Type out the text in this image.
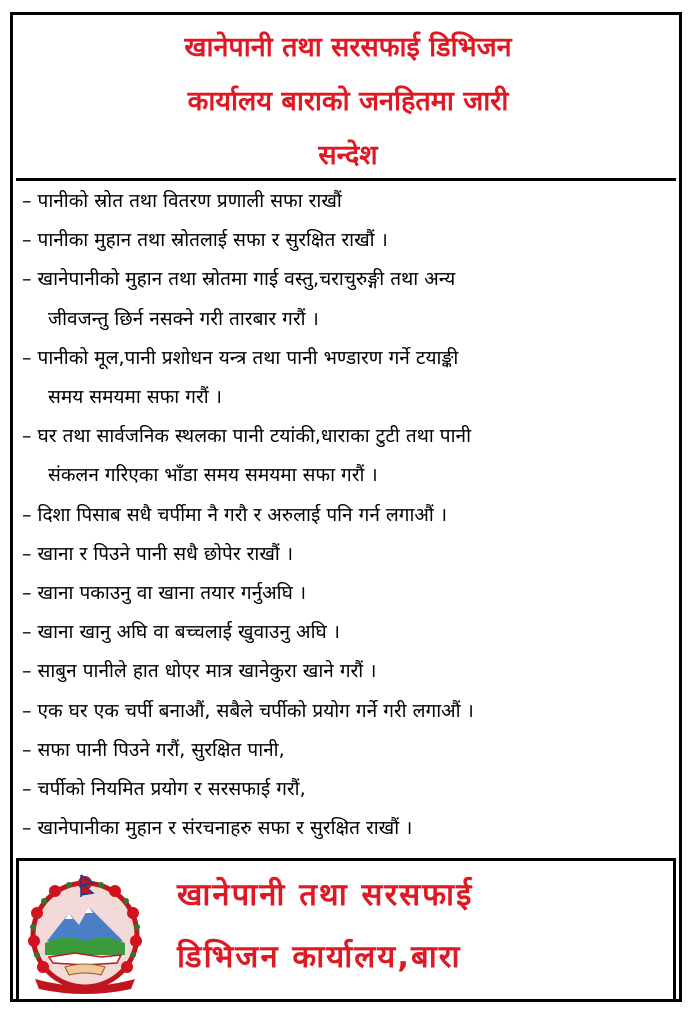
खानेपानी तथा सरसफाई डिभिजन
कार्यालय बाराको जनहितमा जारी
सन्देश
– पानीको स्रोत तथा वितरण प्रणाली सफा राखौं
– पानीका मुहान तथा स्रोतलाई सफा र सुरक्षित राखौं ।
– खानेपानीको मुहान तथा स्रोतमा गाई वस्तु,चराचुरुङ्गी तथा अन्य
जीवजन्तु छिर्न नसक्ने गरी तारबार गरौं ।
– पानीको मूल,पानी प्रशोधन यन्त्र तथा पानी भण्डारण गर्ने टयाङ्की
समय समयमा सफा गरौं ।
– घर तथा सार्वजनिक स्थलका पानी टयांकी,धाराका टुटी तथा पानी
संकलन गरिएका भाँडा समय समयमा सफा गरौं ।
– दिशा पिसाब सधै चर्पीमा नै गरौ र अरुलाई पनि गर्न लगाऔं ।
– खाना र पिउने पानी सधै छोपेर राखौं ।
– खाना पकाउनु वा खाना तयार गर्नुअघि ।
– खाना खानु अघि वा बच्चलाई खुवाउनु अघि ।
– साबुन पानीले हात धोएर मात्र खानेकुरा खाने गरौं ।
– एक घर एक चर्पी बनाऔं, सबैले चर्पीको प्रयोग गर्ने गरी लगाऔं ।
– सफा पानी पिउने गरौं, सुरक्षित पानी,
– चर्पीको नियमित प्रयोग र सरसफाई गरौं,
– खानेपानीका मुहान र संरचनाहरु सफा र सुरक्षित राखौं ।
खानेपानी तथा सरसफाई
डिभिजन कार्यालय,बारा
